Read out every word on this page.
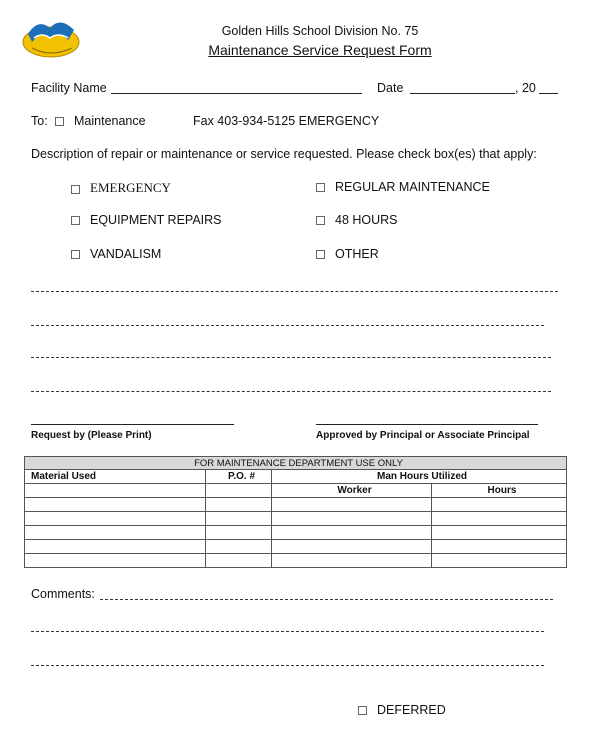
Golden Hills School Division No. 75
Maintenance Service Request Form
Facility Name	Date	, 20
To:	Maintenance	Fax 403-934-5125 EMERGENCY
Description of repair or maintenance or service requested. Please check box(es) that apply:
EMERGENCY	REGULAR MAINTENANCE
EQUIPMENT REPAIRS	48 HOURS
VANDALISM	OTHER
Request by (Please Print)	Approved by Principal or Associate Principal
FOR MAINTENANCE DEPARTMENT USE ONLY			
Material Used	P.O. #	Man Hours Utilized	
		Worker	Hours

Comments:
DEFERRED
